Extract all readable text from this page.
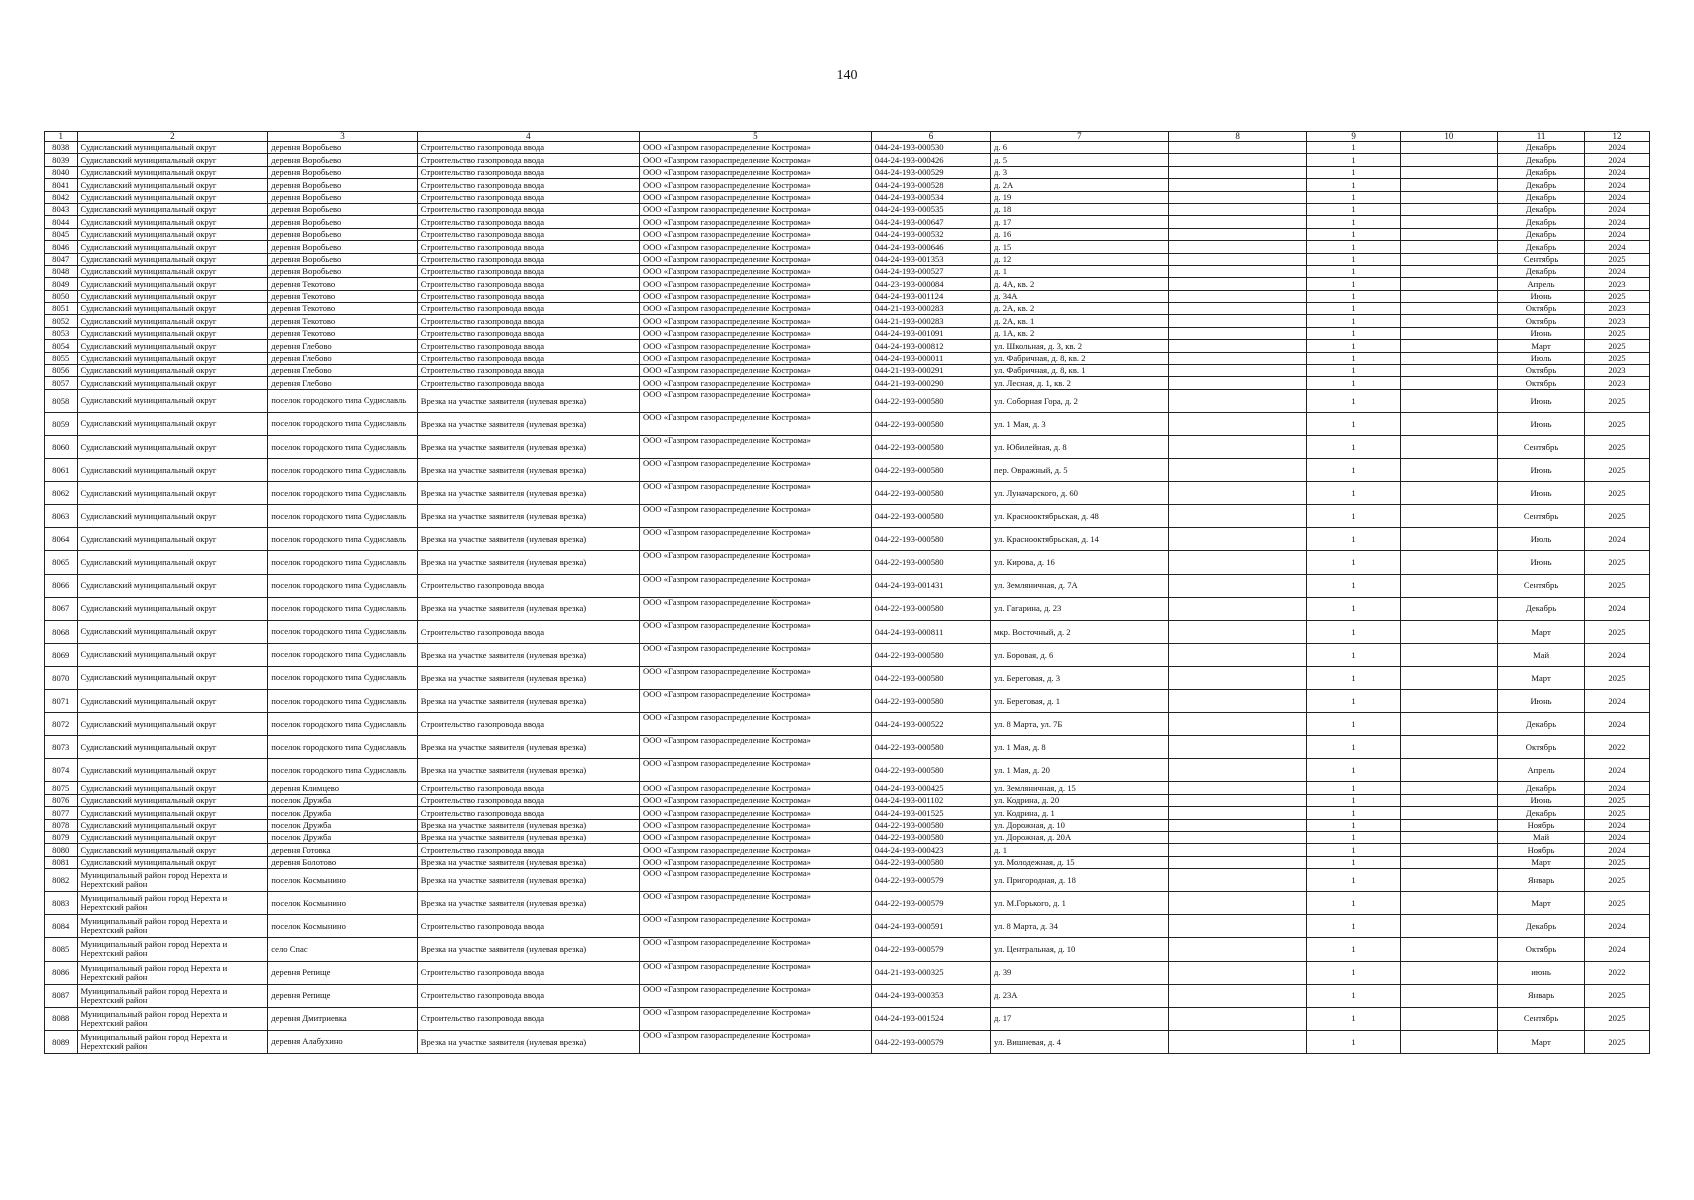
140
1	2	3	4	5	6	7	8	9	10	11	12
8038	Судиславский муниципальный округ	деревня Воробьево	Строительство газопровода ввода	ООО «Газпром газораспределение Кострома»	044-24-193-000530	д. 6		1		Декабрь	2024
8039	Судиславский муниципальный округ	деревня Воробьево	Строительство газопровода ввода	ООО «Газпром газораспределение Кострома»	044-24-193-000426	д. 5		1		Декабрь	2024
8040	Судиславский муниципальный округ	деревня Воробьево	Строительство газопровода ввода	ООО «Газпром газораспределение Кострома»	044-24-193-000529	д. 3		1		Декабрь	2024
8041	Судиславский муниципальный округ	деревня Воробьево	Строительство газопровода ввода	ООО «Газпром газораспределение Кострома»	044-24-193-000528	д. 2А		1		Декабрь	2024
8042	Судиславский муниципальный округ	деревня Воробьево	Строительство газопровода ввода	ООО «Газпром газораспределение Кострома»	044-24-193-000534	д. 19		1		Декабрь	2024
8043	Судиславский муниципальный округ	деревня Воробьево	Строительство газопровода ввода	ООО «Газпром газораспределение Кострома»	044-24-193-000535	д. 18		1		Декабрь	2024
8044	Судиславский муниципальный округ	деревня Воробьево	Строительство газопровода ввода	ООО «Газпром газораспределение Кострома»	044-24-193-000647	д. 17		1		Декабрь	2024
8045	Судиславский муниципальный округ	деревня Воробьево	Строительство газопровода ввода	ООО «Газпром газораспределение Кострома»	044-24-193-000532	д. 16		1		Декабрь	2024
8046	Судиславский муниципальный округ	деревня Воробьево	Строительство газопровода ввода	ООО «Газпром газораспределение Кострома»	044-24-193-000646	д. 15		1		Декабрь	2024
8047	Судиславский муниципальный округ	деревня Воробьево	Строительство газопровода ввода	ООО «Газпром газораспределение Кострома»	044-24-193-001353	д. 12		1		Сентябрь	2025
8048	Судиславский муниципальный округ	деревня Воробьево	Строительство газопровода ввода	ООО «Газпром газораспределение Кострома»	044-24-193-000527	д. 1		1		Декабрь	2024
8049	Судиславский муниципальный округ	деревня Текотово	Строительство газопровода ввода	ООО «Газпром газораспределение Кострома»	044-23-193-000084	д. 4А, кв. 2		1		Апрель	2023
8050	Судиславский муниципальный округ	деревня Текотово	Строительство газопровода ввода	ООО «Газпром газораспределение Кострома»	044-24-193-001124	д. 34А		1		Июнь	2025
8051	Судиславский муниципальный округ	деревня Текотово	Строительство газопровода ввода	ООО «Газпром газораспределение Кострома»	044-21-193-000283	д. 2А, кв. 2		1		Октябрь	2023
8052	Судиславский муниципальный округ	деревня Текотово	Строительство газопровода ввода	ООО «Газпром газораспределение Кострома»	044-21-193-000283	д. 2А, кв. 1		1		Октябрь	2023
8053	Судиславский муниципальный округ	деревня Текотово	Строительство газопровода ввода	ООО «Газпром газораспределение Кострома»	044-24-193-001091	д. 1А, кв. 2		1		Июнь	2025
8054	Судиславский муниципальный округ	деревня Глебово	Строительство газопровода ввода	ООО «Газпром газораспределение Кострома»	044-24-193-000812	ул. Школьная, д. 3, кв. 2		1		Март	2025
8055	Судиславский муниципальный округ	деревня Глебово	Строительство газопровода ввода	ООО «Газпром газораспределение Кострома»	044-24-193-000011	ул. Фабричная, д. 8, кв. 2		1		Июль	2025
8056	Судиславский муниципальный округ	деревня Глебово	Строительство газопровода ввода	ООО «Газпром газораспределение Кострома»	044-21-193-000291	ул. Фабричная, д. 8, кв. 1		1		Октябрь	2023
8057	Судиславский муниципальный округ	деревня Глебово	Строительство газопровода ввода	ООО «Газпром газораспределение Кострома»	044-21-193-000290	ул. Лесная, д. 1, кв. 2		1		Октябрь	2023
8058	Судиславский муниципальный округ	поселок городского типа Судиславль	Врезка на участке заявителя (нулевая врезка)	ООО «Газпром газораспределение Кострома»	044-22-193-000580	ул. Соборная Гора, д. 2		1		Июнь	2025
8059	Судиславский муниципальный округ	поселок городского типа Судиславль	Врезка на участке заявителя (нулевая врезка)	ООО «Газпром газораспределение Кострома»	044-22-193-000580	ул. 1 Мая, д. 3		1		Июнь	2025
8060	Судиславский муниципальный округ	поселок городского типа Судиславль	Врезка на участке заявителя (нулевая врезка)	ООО «Газпром газораспределение Кострома»	044-22-193-000580	ул. Юбилейная, д. 8		1		Сентябрь	2025
8061	Судиславский муниципальный округ	поселок городского типа Судиславль	Врезка на участке заявителя (нулевая врезка)	ООО «Газпром газораспределение Кострома»	044-22-193-000580	пер. Овражный, д. 5		1		Июнь	2025
8062	Судиславский муниципальный округ	поселок городского типа Судиславль	Врезка на участке заявителя (нулевая врезка)	ООО «Газпром газораспределение Кострома»	044-22-193-000580	ул. Луначарского, д. 60		1		Июнь	2025
8063	Судиславский муниципальный округ	поселок городского типа Судиславль	Врезка на участке заявителя (нулевая врезка)	ООО «Газпром газораспределение Кострома»	044-22-193-000580	ул. Красноoктябрьская, д. 48		1		Сентябрь	2025
8064	Судиславский муниципальный округ	поселок городского типа Судиславль	Врезка на участке заявителя (нулевая врезка)	ООО «Газпром газораспределение Кострома»	044-22-193-000580	ул. Красноoктябрьская, д. 14		1		Июль	2024
8065	Судиславский муниципальный округ	поселок городского типа Судиславль	Врезка на участке заявителя (нулевая врезка)	ООО «Газпром газораспределение Кострома»	044-22-193-000580	ул. Кирова, д. 16		1		Июнь	2025
8066	Судиславский муниципальный округ	поселок городского типа Судиславль	Строительство газопровода ввода	ООО «Газпром газораспределение Кострома»	044-24-193-001431	ул. Земляничная, д. 7А		1		Сентябрь	2025
8067	Судиславский муниципальный округ	поселок городского типа Судиславль	Врезка на участке заявителя (нулевая врезка)	ООО «Газпром газораспределение Кострома»	044-22-193-000580	ул. Гагарина, д. 23		1		Декабрь	2024
8068	Судиславский муниципальный округ	поселок городского типа Судиславль	Строительство газопровода ввода	ООО «Газпром газораспределение Кострома»	044-24-193-000811	мкр. Восточный, д. 2		1		Март	2025
8069	Судиславский муниципальный округ	поселок городского типа Судиславль	Врезка на участке заявителя (нулевая врезка)	ООО «Газпром газораспределение Кострома»	044-22-193-000580	ул. Боровая, д. 6		1		Май	2024
8070	Судиславский муниципальный округ	поселок городского типа Судиславль	Врезка на участке заявителя (нулевая врезка)	ООО «Газпром газораспределение Кострома»	044-22-193-000580	ул. Береговая, д. 3		1		Март	2025
8071	Судиславский муниципальный округ	поселок городского типа Судиславль	Врезка на участке заявителя (нулевая врезка)	ООО «Газпром газораспределение Кострома»	044-22-193-000580	ул. Береговая, д. 1		1		Июнь	2024
8072	Судиславский муниципальный округ	поселок городского типа Судиславль	Строительство газопровода ввода	ООО «Газпром газораспределение Кострома»	044-24-193-000522	ул. 8 Марта, ул. 7Б		1		Декабрь	2024
8073	Судиславский муниципальный округ	поселок городского типа Судиславль	Врезка на участке заявителя (нулевая врезка)	ООО «Газпром газораспределение Кострома»	044-22-193-000580	ул. 1 Мая, д. 8		1		Октябрь	2022
8074	Судиславский муниципальный округ	поселок городского типа Судиславль	Врезка на участке заявителя (нулевая врезка)	ООО «Газпром газораспределение Кострома»	044-22-193-000580	ул. 1 Мая, д. 20		1		Апрель	2024
8075	Судиславский муниципальный округ	деревня Климцево	Строительство газопровода ввода	ООО «Газпром газораспределение Кострома»	044-24-193-000425	ул. Земляничная, д. 15		1		Декабрь	2024
8076	Судиславский муниципальный округ	поселок Дружба	Строительство газопровода ввода	ООО «Газпром газораспределение Кострома»	044-24-193-001102	ул. Кодрина, д. 20		1		Июнь	2025
8077	Судиславский муниципальный округ	поселок Дружба	Строительство газопровода ввода	ООО «Газпром газораспределение Кострома»	044-24-193-001525	ул. Кодрина, д. 1		1		Декабрь	2025
8078	Судиславский муниципальный округ	поселок Дружба	Врезка на участке заявителя (нулевая врезка)	ООО «Газпром газораспределение Кострома»	044-22-193-000580	ул. Дорожная, д. 10		1		Ноябрь	2024
8079	Судиславский муниципальный округ	поселок Дружба	Врезка на участке заявителя (нулевая врезка)	ООО «Газпром газораспределение Кострома»	044-22-193-000580	ул. Дорожная, д. 20А		1		Май	2024
8080	Судиславский муниципальный округ	деревня Готовка	Строительство газопровода ввода	ООО «Газпром газораспределение Кострома»	044-24-193-000423	д. 1		1		Ноябрь	2024
8081	Судиславский муниципальный округ	деревня Болотово	Врезка на участке заявителя (нулевая врезка)	ООО «Газпром газораспределение Кострома»	044-22-193-000580	ул. Молодежная, д. 15		1		Март	2025
8082	Муниципальный район город Нерехта и Нерехтский район	поселок Космынино	Врезка на участке заявителя (нулевая врезка)	ООО «Газпром газораспределение Кострома»	044-22-193-000579	ул. Пригородная, д. 18		1		Январь	2025
8083	Муниципальный район город Нерехта и Нерехтский район	поселок Космынино	Врезка на участке заявителя (нулевая врезка)	ООО «Газпром газораспределение Кострома»	044-22-193-000579	ул. М.Горького, д. 1		1		Март	2025
8084	Муниципальный район город Нерехта и Нерехтский район	поселок Космынино	Строительство газопровода ввода	ООО «Газпром газораспределение Кострома»	044-24-193-000591	ул. 8 Марта, д. 34		1		Декабрь	2024
8085	Муниципальный район город Нерехта и Нерехтский район	село Спас	Врезка на участке заявителя (нулевая врезка)	ООО «Газпром газораспределение Кострома»	044-22-193-000579	ул. Центральная, д. 10		1		Октябрь	2024
8086	Муниципальный район город Нерехта и Нерехтский район	деревня Репище	Строительство газопровода ввода	ООО «Газпром газораспределение Кострома»	044-21-193-000325	д. 39		1		июнь	2022
8087	Муниципальный район город Нерехта и Нерехтский район	деревня Репище	Строительство газопровода ввода	ООО «Газпром газораспределение Кострома»	044-24-193-000353	д. 23А		1		Январь	2025
8088	Муниципальный район город Нерехта и Нерехтский район	деревня Дмитриевка	Строительство газопровода ввода	ООО «Газпром газораспределение Кострома»	044-24-193-001524	д. 17		1		Сентябрь	2025
8089	Муниципальный район город Нерехта и Нерехтский район	деревня Алабухино	Врезка на участке заявителя (нулевая врезка)	ООО «Газпром газораспределение Кострома»	044-22-193-000579	ул. Вишневая, д. 4		1		Март	2025
